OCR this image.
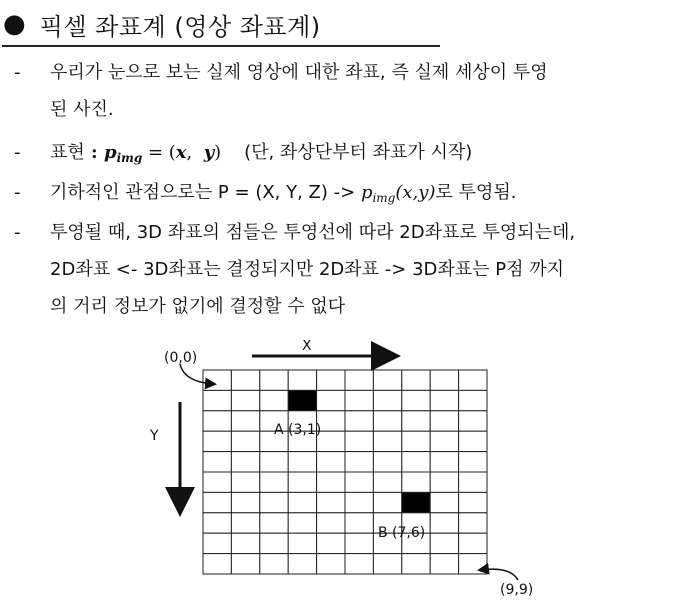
● 픽셀 좌표계 (영상 좌표계)
- 우리가 눈으로 보는 실제 영상에 대한 좌표, 즉 실제 세상이 투영
된 사진.
- 표현 : $p_{img} = (x$,  y) (단, 좌상단부터 좌표가 시작)
- 기하적인 관점으로는 P = (X, Y, $Z) -> p_{img}(x,y)$로 투영됨.
- 투영될 때, 3D 좌표의 점들은 투영선에 따라 2D좌표로 투영되는데,
2D좌표 <- 3D좌표는 결정되지만 2D좌표 -> 3D좌표는 P점 까지
의 거리 정보가 없기에 결정할 수 없다
X
Y
(0,0)
(9,9)
A (3,1)
B (7,6)
